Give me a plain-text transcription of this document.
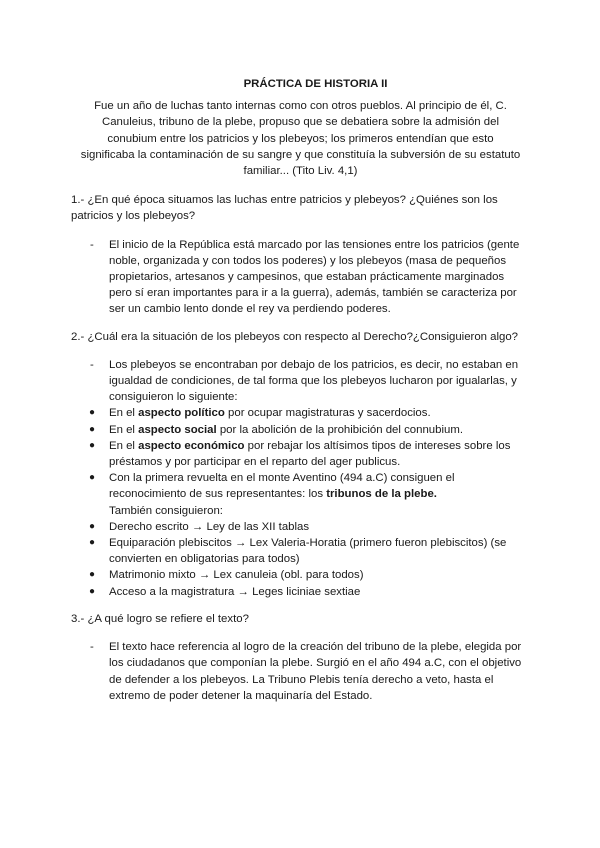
PRÁCTICA DE HISTORIA II
Fue un año de luchas tanto internas como con otros pueblos. Al principio de él, C. Canuleius, tribuno de la plebe, propuso que se debatiera sobre la admisión del conubium entre los patricios y los plebeyos; los primeros entendían que esto significaba la contaminación de su sangre y que constituía la subversión de su estatuto familiar... (Tito Liv. 4,1)
1.- ¿En qué época situamos las luchas entre patricios y plebeyos? ¿Quiénes son los patricios y los plebeyos?
- El inicio de la República está marcado por las tensiones entre los patricios (gente noble, organizada y con todos los poderes) y los plebeyos (masa de pequeños propietarios, artesanos y campesinos, que estaban prácticamente marginados pero sí eran importantes para ir a la guerra), además, también se caracteriza por ser un cambio lento donde el rey va perdiendo poderes.
2.- ¿Cuál era la situación de los plebeyos con respecto al Derecho?¿Consiguieron algo?
- Los plebeyos se encontraban por debajo de los patricios, es decir, no estaban en igualdad de condiciones, de tal forma que los plebeyos lucharon por igualarlas, y consiguieron lo siguiente:
● En el aspecto político por ocupar magistraturas y sacerdocios.
● En el aspecto social por la abolición de la prohibición del connubium.
● En el aspecto económico por rebajar los altísimos tipos de intereses sobre los préstamos y por participar en el reparto del ager publicus.
● Con la primera revuelta en el monte Aventino (494 a.C) consiguen el reconocimiento de sus representantes: los tribunos de la plebe.
También consiguieron:
● Derecho escrito → Ley de las XII tablas
● Equiparación plebiscitos → Lex Valeria-Horatia (primero fueron plebiscitos) (se convierten en obligatorias para todos)
● Matrimonio mixto → Lex canuleia (obl. para todos)
● Acceso a la magistratura → Leges liciniae sextiae
3.- ¿A qué logro se refiere el texto?
- El texto hace referencia al logro de la creación del tribuno de la plebe, elegida por los ciudadanos que componían la plebe. Surgió en el año 494 a.C, con el objetivo de defender a los plebeyos. La Tribuno Plebis tenía derecho a veto, hasta el extremo de poder detener la maquinaría del Estado.
